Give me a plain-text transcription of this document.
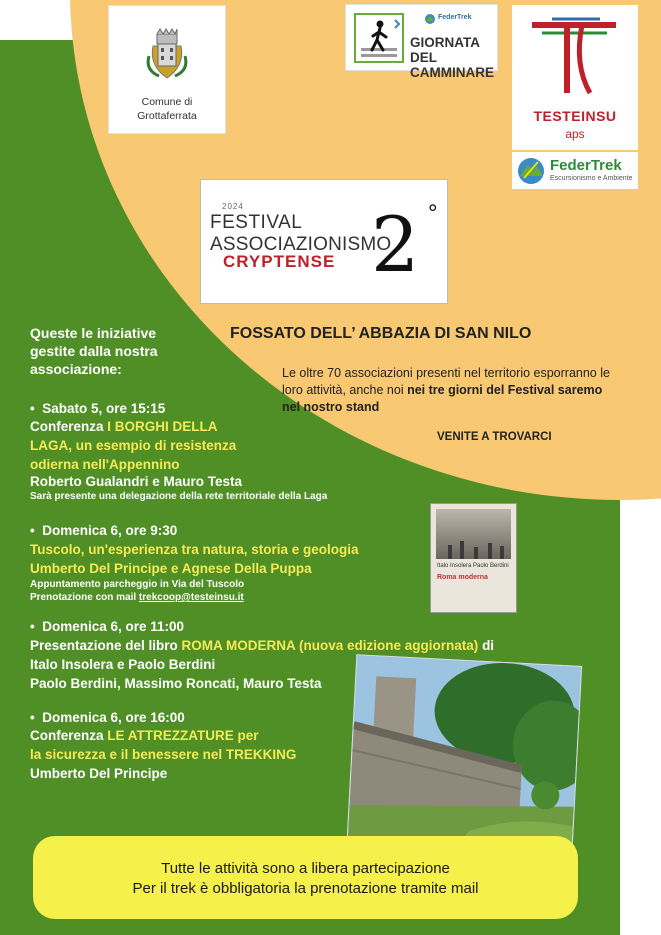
Comune di
Grottaferrata
FederTrek
GIORNATA DEL
CAMMINARE
TESTEINSU
aps
FederTrek
Escursionismo e Ambiente
2024
FESTIVAL
ASSOCIAZIONISMO
CRYPTENSE 2 °

FOSSATO DELL’ ABBAZIA DI SAN NILO

Le oltre 70 associazioni presenti nel territorio esporranno le loro attività, anche noi nei tre giorni del Festival saremo nel nostro stand

VENITE A TROVARCI

Queste le iniziative
gestite dalla nostra
associazione:

•  Sabato 5, ore 15:15

Conferenza I BORGHI DELLA
LAGA, un esempio di resistenza
odierna nell'Appennino

Roberto Gualandri e Mauro Testa

Sarà presente una delegazione della rete territoriale della Laga

•  Domenica 6, ore 9:30

Tuscolo, un'esperienza tra natura, storia e geologia

Umberto Del Principe e Agnese Della Puppa

Appuntamento parcheggio in Via del Tuscolo

Prenotazione con mail trekcoop@testeinsu.it

Italo Insolera Paolo Berdini
Roma moderna

•  Domenica 6, ore 11:00

Presentazione del libro ROMA MODERNA (nuova edizione aggiornata) di

Italo Insolera e Paolo Berdini

Paolo Berdini, Massimo Roncati, Mauro Testa

•  Domenica 6, ore 16:00

Conferenza LE ATTREZZATURE per
la sicurezza e il benessere nel TREKKING

Umberto Del Principe

Tutte le attività sono a libera partecipazione

Per il trek è obbligatoria la prenotazione tramite mail
